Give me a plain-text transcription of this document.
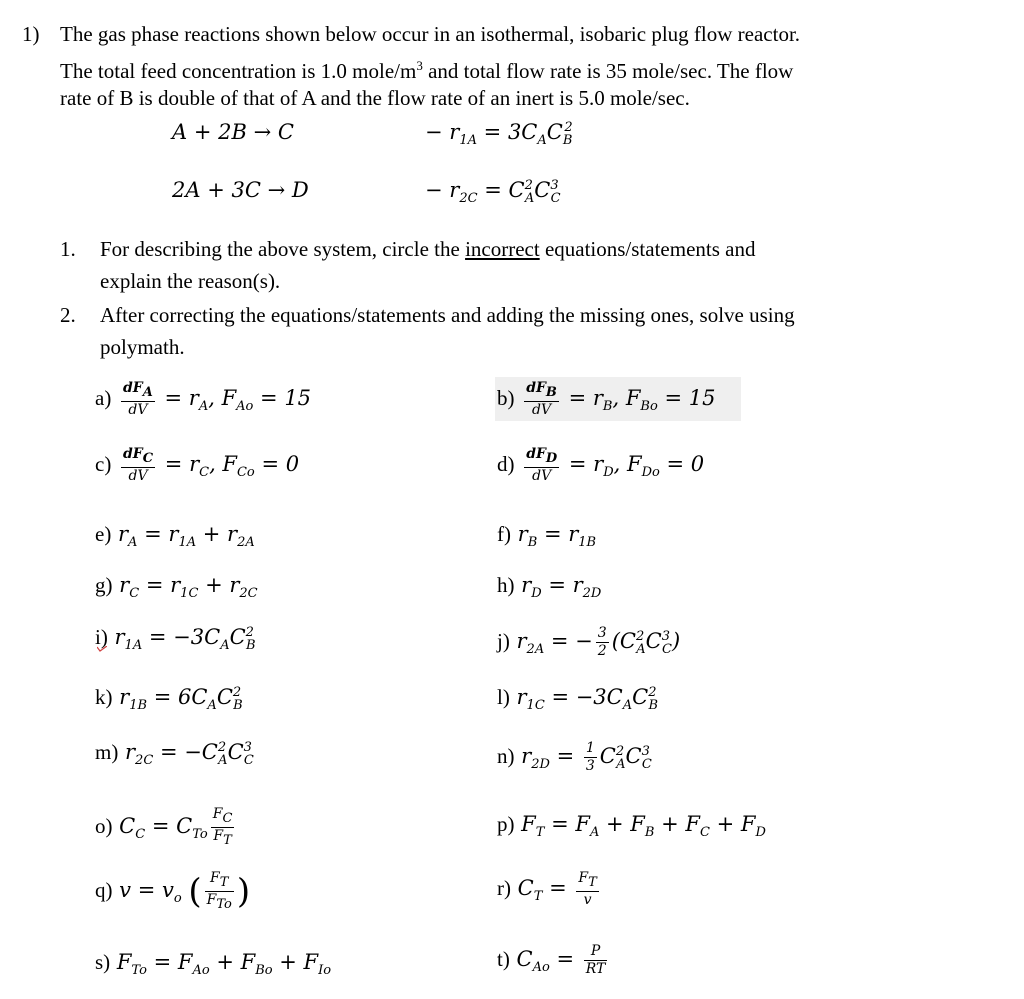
1) The gas phase reactions shown below occur in an isothermal, isobaric plug flow reactor.
The total feed concentration is 1.0 mole/$m^3$ and total flow rate is 35 mole/sec. The flow
rate of B is double of that of A and the flow rate of an inert is 5.0 mole/sec.
A + 2B → C
2A + 3C → D
− $r_{1A} = 3C_AC_B^2$
− $r_{2C} = C^2_AC^3_C$
1. For describing the above system, circle the incorrect equations/statements and
explain the reason(s).
2. After correcting the equations/statements and adding the missing ones, solve using
polymath.
$a) \frac{dF_A}{dV} = r_A$, $F_{Ao} = 15$	$b) \frac{dF_B}{dV} = r_B$, $F_{Bo} = 15$
$c) \frac{dF_C}{dV} = r_C$, $F_{Co} = 0$	$d) \frac{dF_D}{dV} = r_D$, $F_{Do} = 0$
e) $r_A = r_{1A} + r_{2A}$	f) $r_B = r_{1B}$
g) $r_C = r_{1C} + r_{2C}$	h) $r_D = r_{2D}$
i) $r_{1A} = -3C_AC^2_B$	j) $r_{2A}$ = − $\frac{3}{2} (C^2_AC^3_C)$
k) $r_{1B} = 6C_AC^2_B$	l) $r_{1C} = -3C_AC^2_B$
m) $r_{2C} = -C^2_AC^3_C$	n) $r_{2D} = \frac{1}{3} C^2_AC^3_C$
o) $C_C = C_{To} \frac{F_C}{F_T}$	p) $F_T = F_A + F_B + F_C + F_D$
q) $v = v_o$ ( $\frac{F_T}{F_{To}}$ )	r) $C_T = \frac{F_T}{v}$
s) $F_{To} = F_{Ao} + F_{Bo} + F_{Io}$	t) $C_{Ao} = \frac{P}{RT}$
